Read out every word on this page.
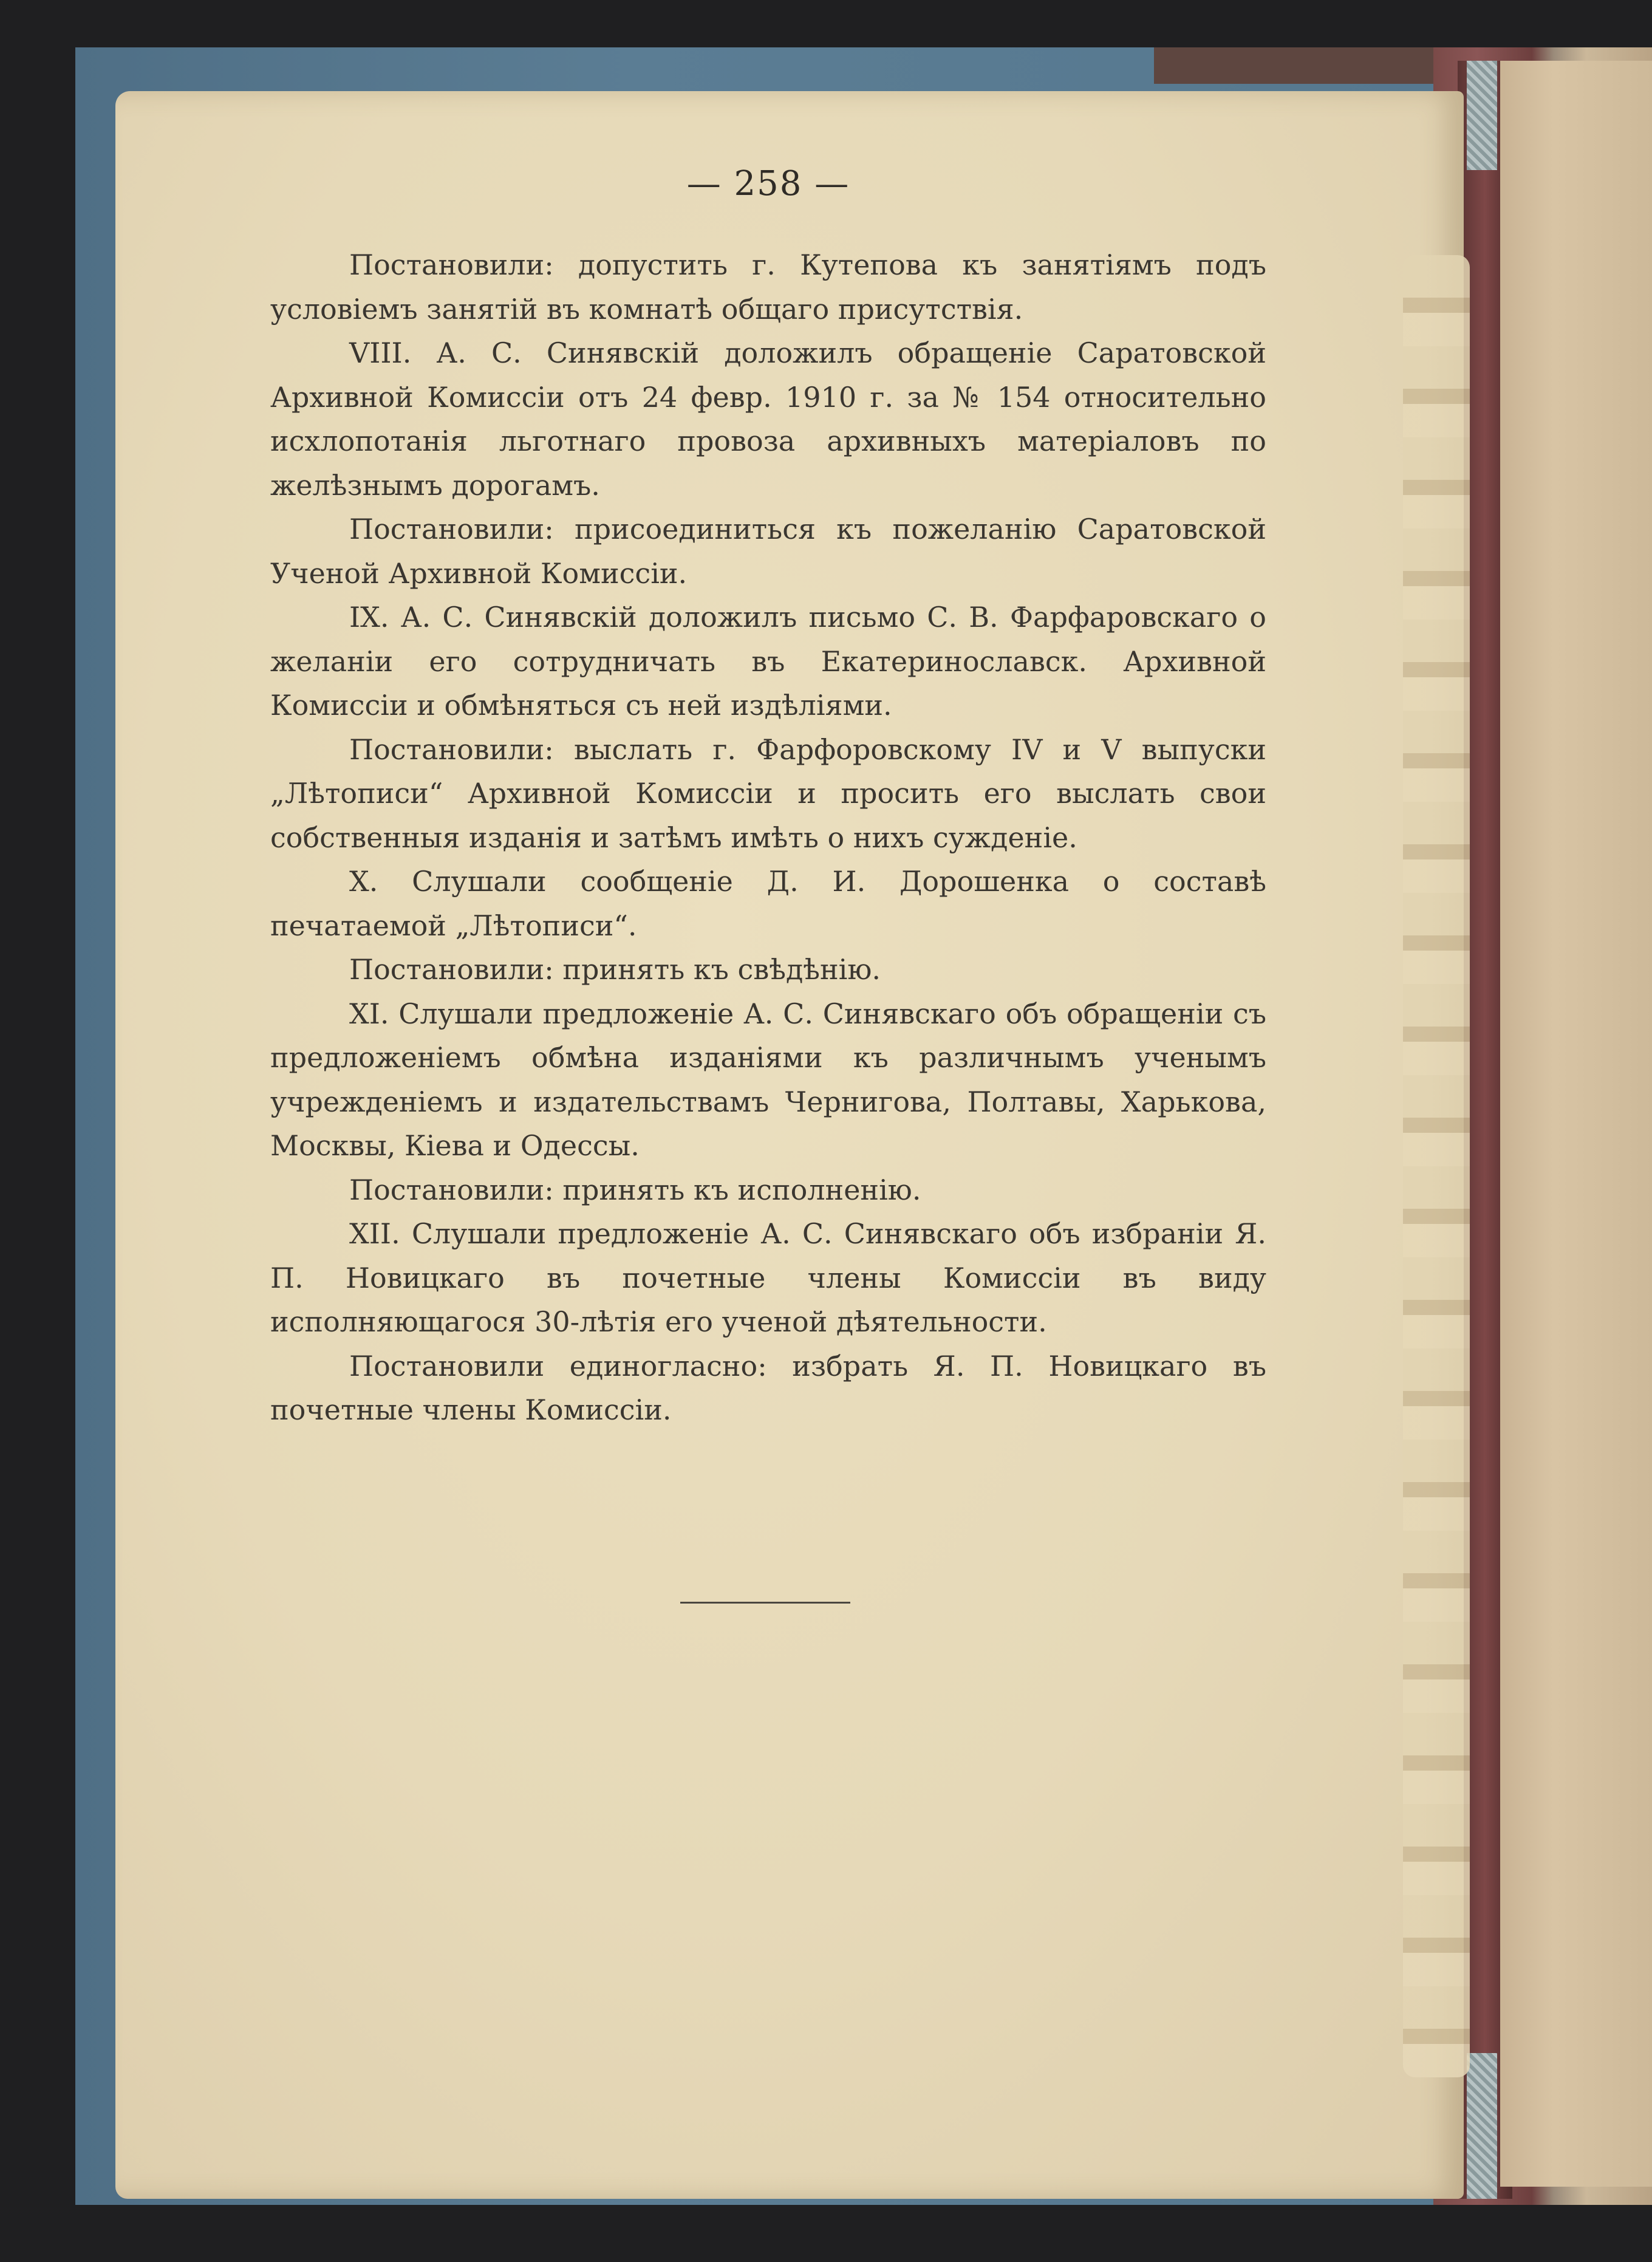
— 258 —

Постановили: допустить г. Кутепова къ занятіямъ подъ условіемъ занятій въ комнатѣ общаго присутствія.

VIII. А. С. Синявскій доложилъ обращеніе Саратовской Архивной Комиссіи отъ 24 февр. 1910 г. за № 154 относительно исхлопотанія льготнаго провоза архивныхъ матеріаловъ по желѣзнымъ дорогамъ.

Постановили: присоединиться къ пожеланію Саратовской Ученой Архивной Комиссіи.

IX. А. С. Синявскій доложилъ письмо С. В. Фарфаровскаго о желаніи его сотрудничать въ Екатеринославск. Архивной Комиссіи и обмѣняться съ ней издѣліями.

Постановили: выслать г. Фарфоровскому IV и V выпуски „Лѣтописи“ Архивной Комиссіи и просить его выслать свои собственныя изданія и затѣмъ имѣть о нихъ сужденіе.

X. Слушали сообщеніе Д. И. Дорошенка о составѣ печатаемой „Лѣтописи“.

Постановили: принять къ свѣдѣнію.

XI. Слушали предложеніе А. С. Синявскаго объ обращеніи съ предложеніемъ обмѣна изданіями къ различнымъ ученымъ учрежденіемъ и издательствамъ Чернигова, Полтавы, Харькова, Москвы, Кіева и Одессы.

Постановили: принять къ исполненію.

XII. Слушали предложеніе А. С. Синявскаго объ избраніи Я. П. Новицкаго въ почетные члены Комиссіи въ виду исполняющагося 30-лѣтія его ученой дѣятельности.

Постановили единогласно: избрать Я. П. Новицкаго въ почетные члены Комиссіи.
